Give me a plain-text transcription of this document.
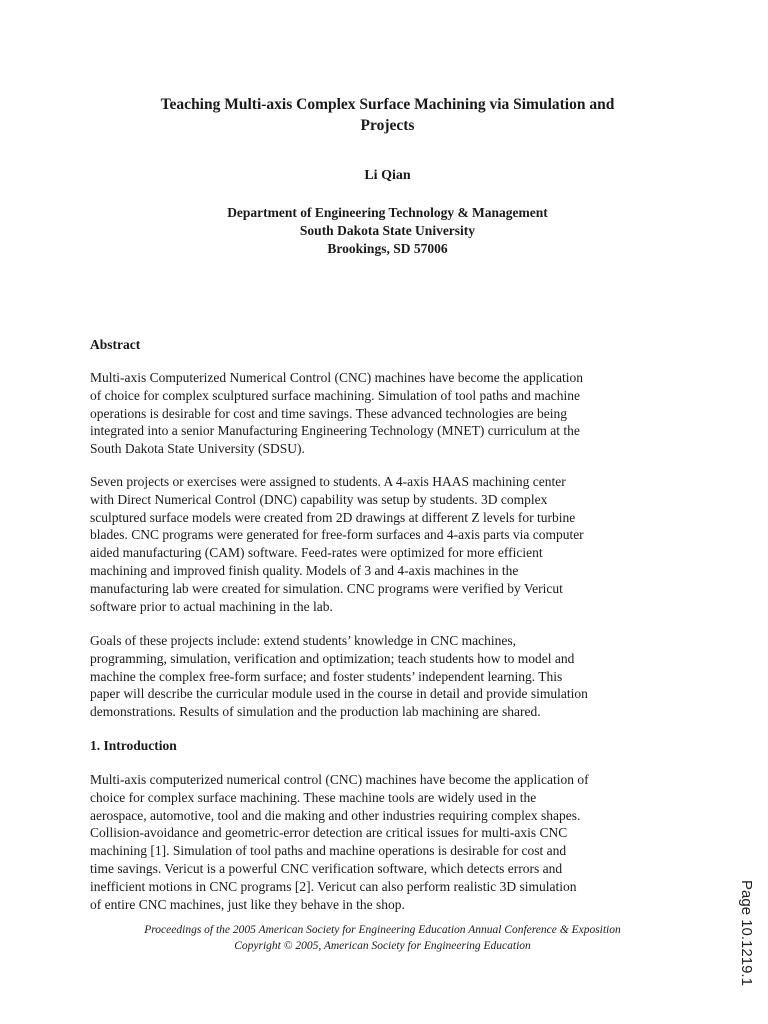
Teaching Multi-axis Complex Surface Machining via Simulation and
Projects
Li Qian
Department of Engineering Technology & Management
South Dakota State University
Brookings, SD 57006
Abstract
Multi-axis Computerized Numerical Control (CNC) machines have become the application
of choice for complex sculptured surface machining. Simulation of tool paths and machine
operations is desirable for cost and time savings. These advanced technologies are being
integrated into a senior Manufacturing Engineering Technology (MNET) curriculum at the
South Dakota State University (SDSU).
Seven projects or exercises were assigned to students. A 4-axis HAAS machining center
with Direct Numerical Control (DNC) capability was setup by students. 3D complex
sculptured surface models were created from 2D drawings at different Z levels for turbine
blades. CNC programs were generated for free-form surfaces and 4-axis parts via computer
aided manufacturing (CAM) software. Feed-rates were optimized for more efficient
machining and improved finish quality. Models of 3 and 4-axis machines in the
manufacturing lab were created for simulation. CNC programs were verified by Vericut
software prior to actual machining in the lab.
Goals of these projects include: extend students’ knowledge in CNC machines,
programming, simulation, verification and optimization; teach students how to model and
machine the complex free-form surface; and foster students’ independent learning. This
paper will describe the curricular module used in the course in detail and provide simulation
demonstrations. Results of simulation and the production lab machining are shared.
1. Introduction
Multi-axis computerized numerical control (CNC) machines have become the application of
choice for complex surface machining. These machine tools are widely used in the
aerospace, automotive, tool and die making and other industries requiring complex shapes.
Collision-avoidance and geometric-error detection are critical issues for multi-axis CNC
machining [1]. Simulation of tool paths and machine operations is desirable for cost and
time savings. Vericut is a powerful CNC verification software, which detects errors and
inefficient motions in CNC programs [2]. Vericut can also perform realistic 3D simulation
of entire CNC machines, just like they behave in the shop.
Proceedings of the 2005 American Society for Engineering Education Annual Conference & Exposition
Copyright © 2005, American Society for Engineering Education	Page 10.1219.1
